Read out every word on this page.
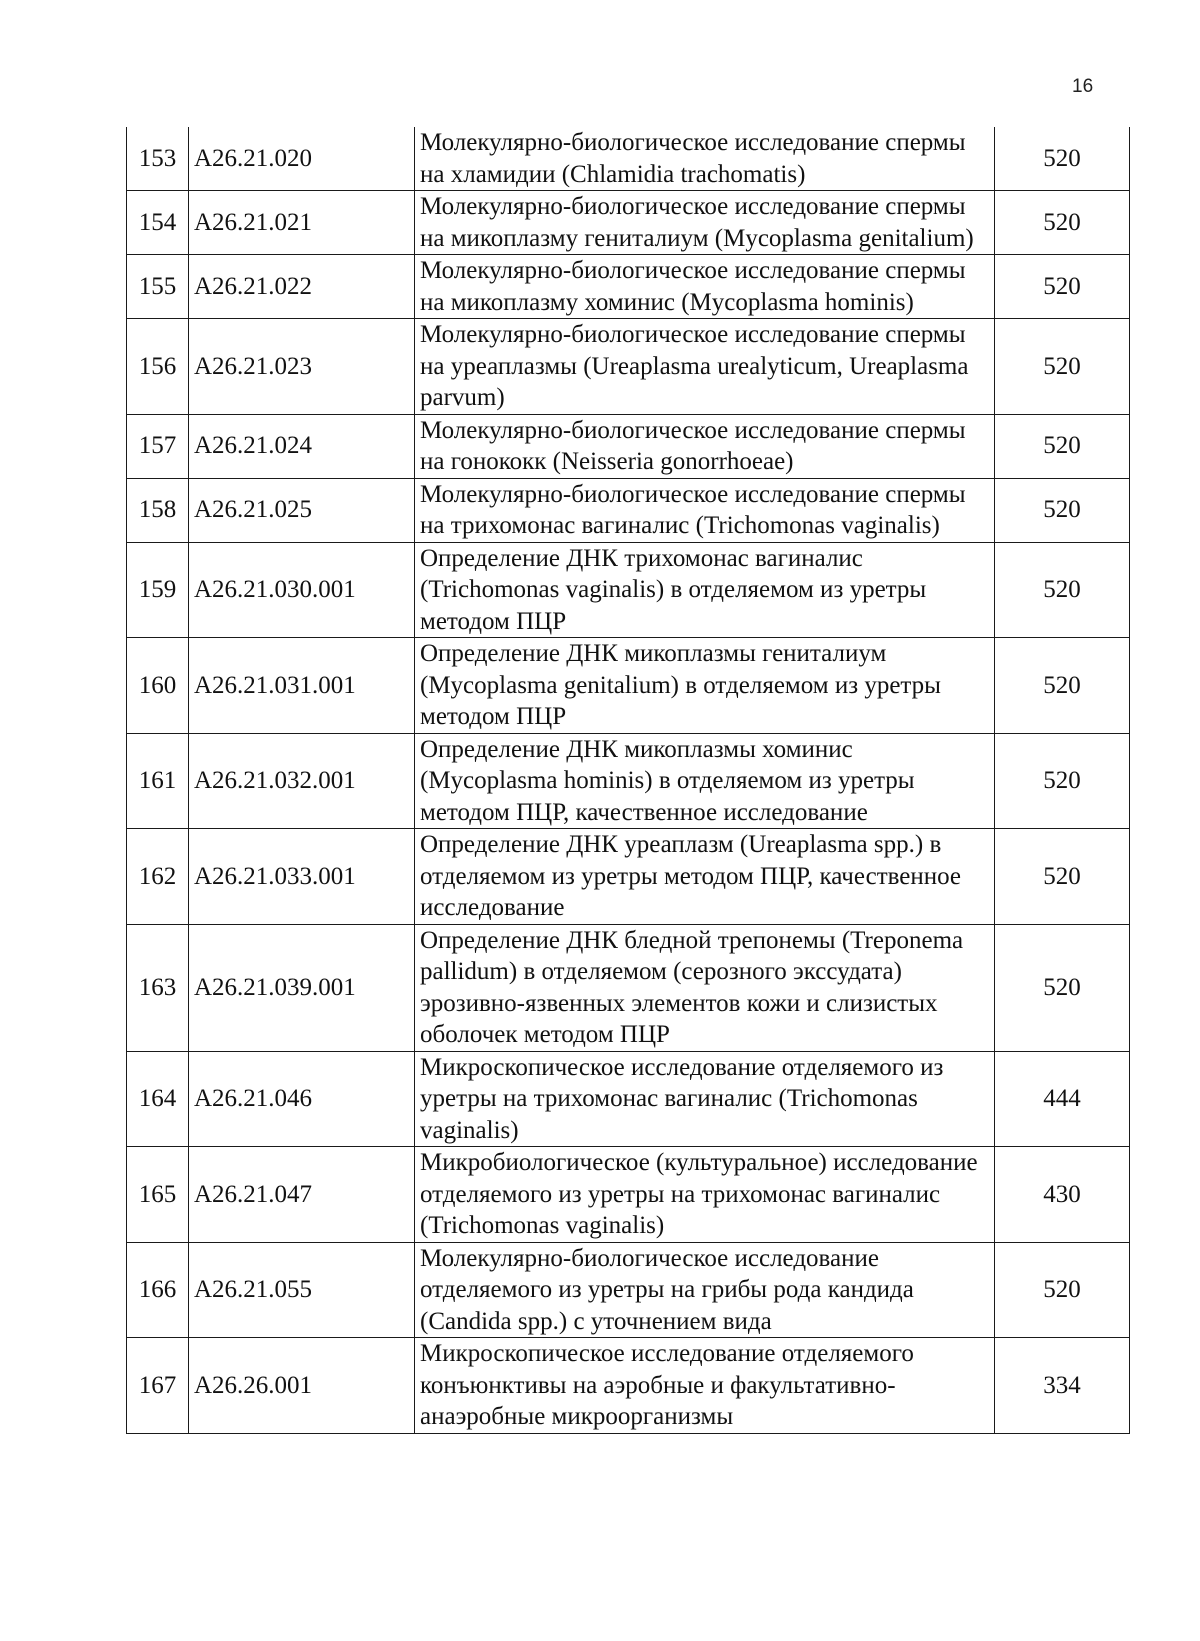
16
153	A26.21.020	Молекулярно-биологическое исследование спермы на хламидии (Chlamidia trachomatis)	520
154	A26.21.021	Молекулярно-биологическое исследование спермы на микоплазму гениталиум (Mycoplasma genitalium)	520
155	A26.21.022	Молекулярно-биологическое исследование спермы на микоплазму хоминис (Mycoplasma hominis)	520
156	A26.21.023	Молекулярно-биологическое исследование спермы на уреаплазмы (Ureaplasma urealyticum, Ureaplasma parvum)	520
157	A26.21.024	Молекулярно-биологическое исследование спермы на гонококк (Neisseria gonorrhoeae)	520
158	A26.21.025	Молекулярно-биологическое исследование спермы на трихомонас вагиналис (Trichomonas vaginalis)	520
159	A26.21.030.001	Определение ДНК трихомонас вагиналис (Trichomonas vaginalis) в отделяемом из уретры методом ПЦР	520
160	A26.21.031.001	Определение ДНК микоплазмы гениталиум (Mycoplasma genitalium) в отделяемом из уретры методом ПЦР	520
161	A26.21.032.001	Определение ДНК микоплазмы хоминис (Mycoplasma hominis) в отделяемом из уретры методом ПЦР, качественное исследование	520
162	A26.21.033.001	Определение ДНК уреаплазм (Ureaplasma spp.) в отделяемом из уретры методом ПЦР, качественное исследование	520
163	A26.21.039.001	Определение ДНК бледной трепонемы (Treponema pallidum) в отделяемом (серозного экссудата) эрозивно-язвенных элементов кожи и слизистых оболочек методом ПЦР	520
164	A26.21.046	Микроскопическое исследование отделяемого из уретры на трихомонас вагиналис (Trichomonas vaginalis)	444
165	A26.21.047	Микробиологическое (культуральное) исследование отделяемого из уретры на трихомонас вагиналис (Trichomonas vaginalis)	430
166	A26.21.055	Молекулярно-биологическое исследование отделяемого из уретры на грибы рода кандида (Candida spp.) с уточнением вида	520
167	A26.26.001	Микроскопическое исследование отделяемого конъюнктивы на аэробные и факультативно-анаэробные микроорганизмы	334
